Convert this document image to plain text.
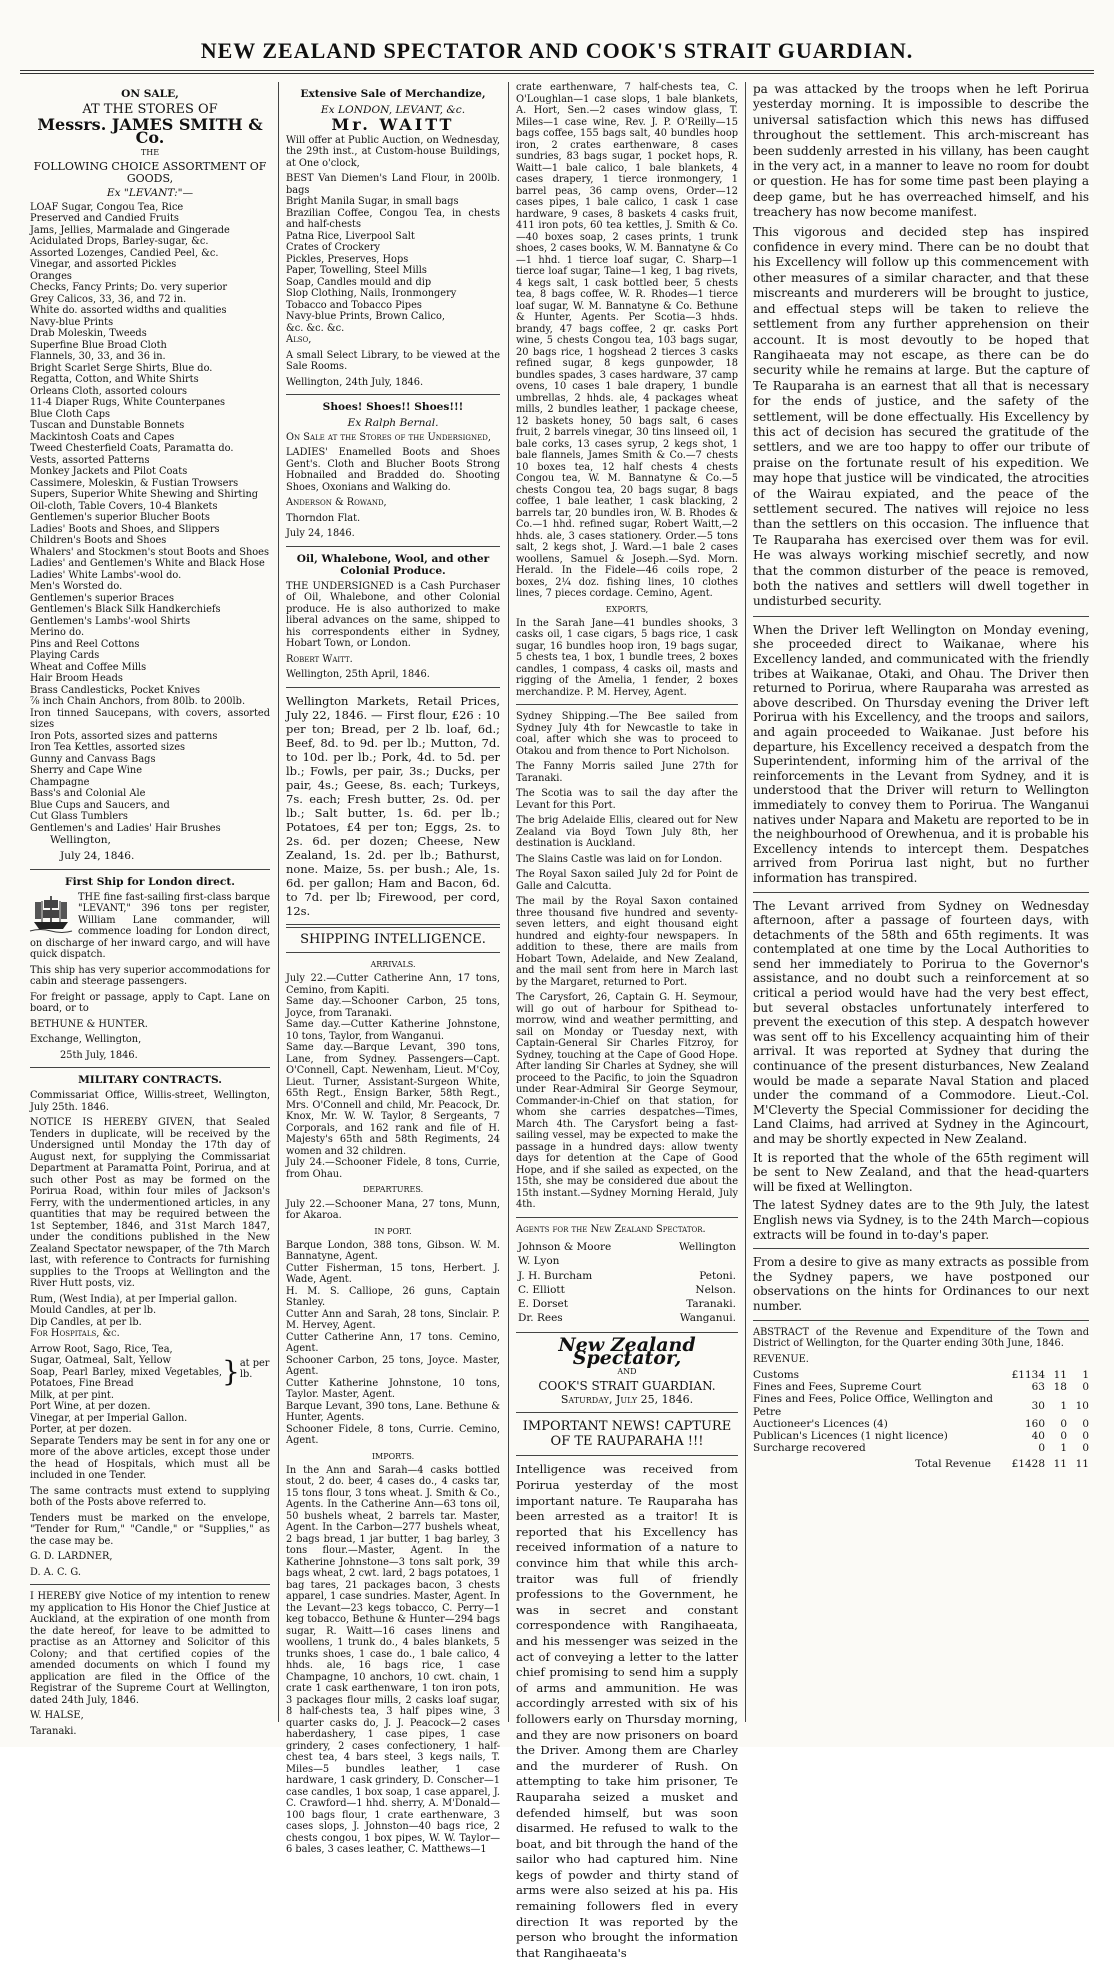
NEW ZEALAND SPECTATOR AND COOK'S STRAIT GUARDIAN.
ON SALE,
AT THE STORES OF
Messrs. JAMES SMITH & Co.
THE
FOLLOWING CHOICE ASSORTMENT OF GOODS,
Ex "LEVANT:"—

LOAF Sugar, Congou Tea, Rice

Preserved and Candied Fruits

Jams, Jellies, Marmalade and Gingerade

Acidulated Drops, Barley-sugar, &c.

Assorted Lozenges, Candied Peel, &c.

Vinegar, and assorted Pickles

Oranges

Checks, Fancy Prints; Do. very superior

Grey Calicos, 33, 36, and 72 in.

White do. assorted widths and qualities

Navy-blue Prints

Drab Moleskin, Tweeds

Superfine Blue Broad Cloth

Flannels, 30, 33, and 36 in.

Bright Scarlet Serge Shirts, Blue do.

Regatta, Cotton, and White Shirts

Orleans Cloth, assorted colours

11-4 Diaper Rugs, White Counterpanes

Blue Cloth Caps

Tuscan and Dunstable Bonnets

Mackintosh Coats and Capes

Tweed Chesterfield Coats, Paramatta do.

Vests, assorted Patterns

Monkey Jackets and Pilot Coats

Cassimere, Moleskin, & Fustian Trowsers

Supers, Superior White Shewing and Shirting

Oil-cloth, Table Covers, 10-4 Blankets

Gentlemen's superior Blucher Boots

Ladies' Boots and Shoes, and Slippers

Children's Boots and Shoes

Whalers' and Stockmen's stout Boots and Shoes

Ladies' and Gentlemen's White and Black Hose

Ladies' White Lambs'-wool do.

Men's Worsted do.

Gentlemen's superior Braces

Gentlemen's Black Silk Handkerchiefs

Gentlemen's Lambs'-wool Shirts

Merino do.

Pins and Reel Cottons

Playing Cards

Wheat and Coffee Mills

Hair Broom Heads

Brass Candlesticks, Pocket Knives

⅞ inch Chain Anchors, from 80lb. to 200lb.

Iron tinned Saucepans, with covers, assorted sizes

Iron Pots, assorted sizes and patterns

Iron Tea Kettles, assorted sizes

Gunny and Canvass Bags

Sherry and Cape Wine

Champagne

Bass's and Colonial Ale

Blue Cups and Saucers, and

Cut Glass Tumblers

Gentlemen's and Ladies' Hair Brushes

Wellington,

July 24, 1846.

First Ship for London direct.

THE fine fast-sailing first-class barque "LEVANT," 396 tons per register, William Lane commander, will commence loading for London direct, on discharge of her inward cargo, and will have quick dispatch.

This ship has very superior accommodations for cabin and steerage passengers.

For freight or passage, apply to Capt. Lane on board, or to

BETHUNE & HUNTER.

Exchange, Wellington,

25th July, 1846.

MILITARY CONTRACTS.

Commissariat Office, Willis-street, Wellington, July 25th. 1846.

NOTICE IS HEREBY GIVEN, that Sealed Tenders in duplicate, will be received by the Undersigned until Monday the 17th day of August next, for supplying the Commissariat Department at Paramatta Point, Porirua, and at such other Post as may be formed on the Porirua Road, within four miles of Jackson's Ferry, with the undermentioned articles, in any quantities that may be required between the 1st September, 1846, and 31st March 1847, under the conditions published in the New Zealand Spectator newspaper, of the 7th March last, with reference to Contracts for furnishing supplies to the Troops at Wellington and the River Hutt posts, viz.

Rum, (West India), at per Imperial gallon.

Mould Candles, at per lb.

Dip Candles, at per lb.

For Hospitals, &c.

Arrow Root, Sago, Rice, Tea,

Sugar, Oatmeal, Salt, Yellow

Soap, Pearl Barley, mixed Vegetables, Potatoes, Fine Bread

Milk, at per pint.

Port Wine, at per dozen.

Vinegar, at per Imperial Gallon.

Porter, at per dozen.

} at per lb.

Separate Tenders may be sent in for any one or more of the above articles, except those under the head of Hospitals, which must all be included in one Tender.

The same contracts must extend to supplying both of the Posts above referred to.

Tenders must be marked on the envelope, "Tender for Rum," "Candle," or "Supplies," as the case may be.

G. D. LARDNER,

D. A. C. G.

I HEREBY give Notice of my intention to renew my application to His Honor the Chief Justice at Auckland, at the expiration of one month from the date hereof, for leave to be admitted to practise as an Attorney and Solicitor of this Colony; and that certified copies of the amended documents on which I found my application are filed in the Office of the Registrar of the Supreme Court at Wellington, dated 24th July, 1846.

W. HALSE,

Taranaki.

Extensive Sale of Merchandize,
Ex LONDON, LEVANT, &c.
Mr. WAITT

Will offer at Public Auction, on Wednesday, the 29th inst., at Custom-house Buildings, at One o'clock,

BEST Van Diemen's Land Flour, in 200lb. bags

Bright Manila Sugar, in small bags

Brazilian Coffee, Congou Tea, in chests and half-chests

Patna Rice, Liverpool Salt

Crates of Crockery

Pickles, Preserves, Hops

Paper, Towelling, Steel Mills

Soap, Candles mould and dip

Slop Clothing, Nails, Ironmongery

Tobacco and Tobacco Pipes

Navy-blue Prints, Brown Calico,

&c. &c. &c.

Also,

A small Select Library, to be viewed at the Sale Rooms.

Wellington, 24th July, 1846.

Shoes! Shoes!! Shoes!!!
Ex Ralph Bernal.

On Sale at the Stores of the Undersigned,

LADIES' Enamelled Boots and Shoes Gent's. Cloth and Blucher Boots Strong Hobnailed and Bradded do. Shooting Shoes, Oxonians and Walking do.

Anderson & Rowand,

Thorndon Flat.

July 24, 1846.

Oil, Whalebone, Wool, and other Colonial Produce.

THE UNDERSIGNED is a Cash Purchaser of Oil, Whalebone, and other Colonial produce. He is also authorized to make liberal advances on the same, shipped to his correspondents either in Sydney, Hobart Town, or London.

Robert Waitt.

Wellington, 25th April, 1846.

Wellington Markets, Retail Prices, July 22, 1846. — First flour, £26 : 10 per ton; Bread, per 2 lb. loaf, 6d.; Beef, 8d. to 9d. per lb.; Mutton, 7d. to 10d. per lb.; Pork, 4d. to 5d. per lb.; Fowls, per pair, 3s.; Ducks, per pair, 4s.; Geese, 8s. each; Turkeys, 7s. each; Fresh butter, 2s. 0d. per lb.; Salt butter, 1s. 6d. per lb.; Potatoes, £4 per ton; Eggs, 2s. to 2s. 6d. per dozen; Cheese, New Zealand, 1s. 2d. per lb.; Bathurst, none. Maize, 5s. per bush.; Ale, 1s. 6d. per gallon; Ham and Bacon, 6d. to 7d. per lb; Firewood, per cord, 12s.

SHIPPING INTELLIGENCE.
ARRIVALS.

July 22.—Cutter Catherine Ann, 17 tons, Cemino, from Kapiti.

Same day.—Schooner Carbon, 25 tons, Joyce, from Taranaki.

Same day.—Cutter Katherine Johnstone, 10 tons, Taylor, from Wanganui.

Same day.—Barque Levant, 390 tons, Lane, from Sydney. Passengers—Capt. O'Connell, Capt. Newenham, Lieut. M'Coy, Lieut. Turner, Assistant-Surgeon White, 65th Regt., Ensign Barker, 58th Regt., Mrs. O'Connell and child, Mr. Peacock, Dr. Knox, Mr. W. W. Taylor, 8 Sergeants, 7 Corporals, and 162 rank and file of H. Majesty's 65th and 58th Regiments, 24 women and 32 children.

July 24.—Schooner Fidele, 8 tons, Currie, from Ohau.

DEPARTURES.

July 22.—Schooner Mana, 27 tons, Munn, for Akaroa.

IN PORT.

Barque London, 388 tons, Gibson. W. M. Bannatyne, Agent.

Cutter Fisherman, 15 tons, Herbert. J. Wade, Agent.

H. M. S. Calliope, 26 guns, Captain Stanley.

Cutter Ann and Sarah, 28 tons, Sinclair. P. M. Hervey, Agent.

Cutter Catherine Ann, 17 tons. Cemino, Agent.

Schooner Carbon, 25 tons, Joyce. Master, Agent.

Cutter Katherine Johnstone, 10 tons, Taylor. Master, Agent.

Barque Levant, 390 tons, Lane. Bethune & Hunter, Agents.

Schooner Fidele, 8 tons, Currie. Cemino, Agent.

IMPORTS.

In the Ann and Sarah—4 casks bottled stout, 2 do. beer, 4 cases do., 4 casks tar, 15 tons flour, 3 tons wheat. J. Smith & Co., Agents. In the Catherine Ann—63 tons oil, 50 bushels wheat, 2 barrels tar. Master, Agent. In the Carbon—277 bushels wheat, 2 bags bread, 1 jar butter, 1 bag barley, 3 tons flour.—Master, Agent. In the Katherine Johnstone—3 tons salt pork, 39 bags wheat, 2 cwt. lard, 2 bags potatoes, 1 bag tares, 21 packages bacon, 3 chests apparel, 1 case sundries. Master, Agent. In the Levant—23 kegs tobacco, C. Perry—1 keg tobacco, Bethune & Hunter—294 bags sugar, R. Waitt—16 cases linens and woollens, 1 trunk do., 4 bales blankets, 5 trunks shoes, 1 case do., 1 bale calico, 4 hhds. ale, 16 bags rice, 1 case Champagne, 10 anchors, 10 cwt. chain, 1 crate 1 cask earthenware, 1 ton iron pots, 3 packages flour mills, 2 casks loaf sugar, 8 half-chests tea, 3 half pipes wine, 3 quarter casks do, J. J. Peacock—2 cases haberdashery, 1 case pipes, 1 case grindery, 2 cases confectionery, 1 half-chest tea, 4 bars steel, 3 kegs nails, T. Miles—5 bundles leather, 1 case hardware, 1 cask grindery, D. Conscher—1 case candles, 1 box soap, 1 case apparel, J. C. Crawford—1 hhd. sherry, A. M'Donald—100 bags flour, 1 crate earthenware, 3 cases slops, J. Johnston—40 bags rice, 2 chests congou, 1 box pipes, W. W. Taylor—6 bales, 3 cases leather, C. Matthews—1

crate earthenware, 7 half-chests tea, C. O'Loughlan—1 case slops, 1 bale blankets, A. Hort, Sen.—2 cases window glass, T. Miles—1 case wine, Rev. J. P. O'Reilly—15 bags coffee, 155 bags salt, 40 bundles hoop iron, 2 crates earthenware, 8 cases sundries, 83 bags sugar, 1 pocket hops, R. Waitt—1 bale calico, 1 bale blankets, 4 cases drapery, 1 tierce ironmongery, 1 barrel peas, 36 camp ovens, Order—12 cases pipes, 1 bale calico, 1 cask 1 case hardware, 9 cases, 8 baskets 4 casks fruit, 411 iron pots, 60 tea kettles, J. Smith & Co.—40 boxes soap, 2 cases prints, 1 trunk shoes, 2 cases books, W. M. Bannatyne & Co—1 hhd. 1 tierce loaf sugar, C. Sharp—1 tierce loaf sugar, Taine—1 keg, 1 bag rivets, 4 kegs salt, 1 cask bottled beer, 5 chests tea, 8 bags coffee, W. R. Rhodes—1 tierce loaf sugar, W. M. Bannatyne & Co. Bethune & Hunter, Agents. Per Scotia—3 hhds. brandy, 47 bags coffee, 2 qr. casks Port wine, 5 chests Congou tea, 103 bags sugar, 20 bags rice, 1 hogshead 2 tierces 3 casks refined sugar, 8 kegs gunpowder, 18 bundles spades, 3 cases hardware, 37 camp ovens, 10 cases 1 bale drapery, 1 bundle umbrellas, 2 hhds. ale, 4 packages wheat mills, 2 bundles leather, 1 package cheese, 12 baskets honey, 50 bags salt, 6 cases fruit, 2 barrels vinegar, 30 tins linseed oil, 1 bale corks, 13 cases syrup, 2 kegs shot, 1 bale flannels, James Smith & Co.—7 chests 10 boxes tea, 12 half chests 4 chests Congou tea, W. M. Bannatyne & Co.—5 chests Congou tea, 20 bags sugar, 8 bags coffee, 1 bale leather, 1 cask blacking, 2 barrels tar, 20 bundles iron, W. B. Rhodes & Co.—1 hhd. refined sugar, Robert Waitt,—2 hhds. ale, 3 cases stationery. Order.—5 tons salt, 2 kegs shot, J. Ward.—1 bale 2 cases woollens, Samuel & Joseph.—Syd. Morn. Herald. In the Fidele—46 coils rope, 2 boxes, 2¼ doz. fishing lines, 10 clothes lines, 7 pieces cordage. Cemino, Agent.

EXPORTS,

In the Sarah Jane—41 bundles shooks, 3 casks oil, 1 case cigars, 5 bags rice, 1 cask sugar, 16 bundles hoop iron, 19 bags sugar, 5 chests tea, 1 box, 1 bundle trees, 2 boxes candles, 1 compass, 4 casks oil, masts and rigging of the Amelia, 1 fender, 2 boxes merchandize. P. M. Hervey, Agent.

Sydney Shipping.—The Bee sailed from Sydney July 4th for Newcastle to take in coal, after which she was to proceed to Otakou and from thence to Port Nicholson.

The Fanny Morris sailed June 27th for Taranaki.

The Scotia was to sail the day after the Levant for this Port.

The brig Adelaide Ellis, cleared out for New Zealand via Boyd Town July 8th, her destination is Auckland.

The Slains Castle was laid on for London.

The Royal Saxon sailed July 2d for Point de Galle and Calcutta.

The mail by the Royal Saxon contained three thousand five hundred and seventy-seven letters, and eight thousand eight hundred and eighty-four newspapers. In addition to these, there are mails from Hobart Town, Adelaide, and New Zealand, and the mail sent from here in March last by the Margaret, returned to Port.

The Carysfort, 26, Captain G. H. Seymour, will go out of harbour for Spithead to-morrow, wind and weather permitting, and sail on Monday or Tuesday next, with Captain-General Sir Charles Fitzroy, for Sydney, touching at the Cape of Good Hope. After landing Sir Charles at Sydney, she will proceed to the Pacific, to join the Squadron under Rear-Admiral Sir George Seymour, Commander-in-Chief on that station, for whom she carries despatches—Times, March 4th. The Carysfort being a fast-sailing vessel, may be expected to make the passage in a hundred days: allow twenty days for detention at the Cape of Good Hope, and if she sailed as expected, on the 15th, she may be considered due about the 15th instant.—Sydney Morning Herald, July 4th.

Agents for the New Zealand Spectator.

Johnson & Moore	Wellington
W. Lyon	
J. H. Burcham	Petoni.
C. Elliott	Nelson.
E. Dorset	Taranaki.
Dr. Rees	Wanganui.
New Zealand Spectator,
AND
COOK'S STRAIT GUARDIAN.
Saturday, July 25, 1846.
IMPORTANT NEWS! CAPTURE OF TE RAUPARAHA !!!

Intelligence was received from Porirua yesterday of the most important nature. Te Rauparaha has been arrested as a traitor! It is reported that his Excellency has received information of a nature to convince him that while this arch-traitor was full of friendly professions to the Government, he was in secret and constant correspondence with Rangihaeata, and his messenger was seized in the act of conveying a letter to the latter chief promising to send him a supply of arms and ammunition. He was accordingly arrested with six of his followers early on Thursday morning, and they are now prisoners on board the Driver. Among them are Charley and the murderer of Rush. On attempting to take him prisoner, Te Rauparaha seized a musket and defended himself, but was soon disarmed. He refused to walk to the boat, and bit through the hand of the sailor who had captured him. Nine kegs of powder and thirty stand of arms were also seized at his pa. His remaining followers fled in every direction It was reported by the person who brought the information that Rangihaeata's

pa was attacked by the troops when he left Porirua yesterday morning. It is impossible to describe the universal satisfaction which this news has diffused throughout the settlement. This arch-miscreant has been suddenly arrested in his villany, has been caught in the very act, in a manner to leave no room for doubt or question. He has for some time past been playing a deep game, but he has overreached himself, and his treachery has now become manifest.

This vigorous and decided step has inspired confidence in every mind. There can be no doubt that his Excellency will follow up this commencement with other measures of a similar character, and that these miscreants and murderers will be brought to justice, and effectual steps will be taken to relieve the settlement from any further apprehension on their account. It is most devoutly to be hoped that Rangihaeata may not escape, as there can be do security while he remains at large. But the capture of Te Rauparaha is an earnest that all that is necessary for the ends of justice, and the safety of the settlement, will be done effectually. His Excellency by this act of decision has secured the gratitude of the settlers, and we are too happy to offer our tribute of praise on the fortunate result of his expedition. We may hope that justice will be vindicated, the atrocities of the Wairau expiated, and the peace of the settlement secured. The natives will rejoice no less than the settlers on this occasion. The influence that Te Rauparaha has exercised over them was for evil. He was always working mischief secretly, and now that the common disturber of the peace is removed, both the natives and settlers will dwell together in undisturbed security.

When the Driver left Wellington on Monday evening, she proceeded direct to Waikanae, where his Excellency landed, and communicated with the friendly tribes at Waikanae, Otaki, and Ohau. The Driver then returned to Porirua, where Rauparaha was arrested as above described. On Thursday evening the Driver left Porirua with his Excellency, and the troops and sailors, and again proceeded to Waikanae. Just before his departure, his Excellency received a despatch from the Superintendent, informing him of the arrival of the reinforcements in the Levant from Sydney, and it is understood that the Driver will return to Wellington immediately to convey them to Porirua. The Wanganui natives under Napara and Maketu are reported to be in the neighbourhood of Orewhenua, and it is probable his Excellency intends to intercept them. Despatches arrived from Porirua last night, but no further information has transpired.

The Levant arrived from Sydney on Wednesday afternoon, after a passage of fourteen days, with detachments of the 58th and 65th regiments. It was contemplated at one time by the Local Authorities to send her immediately to Porirua to the Governor's assistance, and no doubt such a reinforcement at so critical a period would have had the very best effect, but several obstacles unfortunately interfered to prevent the execution of this step. A despatch however was sent off to his Excellency acquainting him of their arrival. It was reported at Sydney that during the continuance of the present disturbances, New Zealand would be made a separate Naval Station and placed under the command of a Commodore. Lieut.-Col. M'Cleverty the Special Commissioner for deciding the Land Claims, had arrived at Sydney in the Agincourt, and may be shortly expected in New Zealand.

It is reported that the whole of the 65th regiment will be sent to New Zealand, and that the head-quarters will be fixed at Wellington.

The latest Sydney dates are to the 9th July, the latest English news via Sydney, is to the 24th March—copious extracts will be found in to-day's paper.

From a desire to give as many extracts as possible from the Sydney papers, we have postponed our observations on the hints for Ordinances to our next number.

ABSTRACT of the Revenue and Expenditure of the Town and District of Wellington, for the Quarter ending 30th June, 1846.

REVENUE.

Customs	£1134	11	1
Fines and Fees, Supreme Court	63	18	0
Fines and Fees, Police Office, Wellington and Petre	30	1	10
Auctioneer's Licences (4)	160	0	0
Publican's Licences (1 night licence)	40	0	0
Surcharge recovered	0	1	0
Total Revenue	£1428	11	11
